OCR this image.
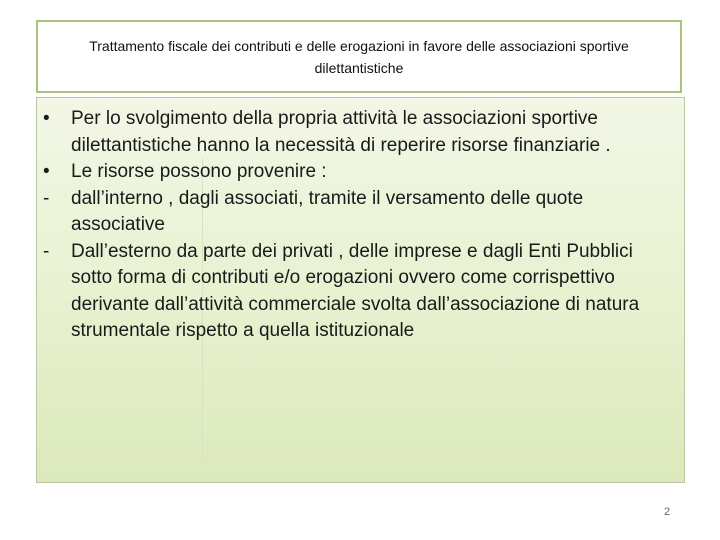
Trattamento fiscale dei contributi e delle erogazioni in favore delle associazioni sportive dilettantistiche
•	Per lo svolgimento della propria attività le associazioni sportive dilettantistiche hanno la necessità di reperire risorse finanziarie .
•	Le risorse possono provenire :
-	dall’interno , dagli associati, tramite il versamento delle quote associative
-	Dall’esterno da parte dei privati , delle imprese e dagli Enti Pubblici sotto forma di contributi e/o erogazioni ovvero come corrispettivo derivante dall’attività commerciale svolta dall’associazione di natura strumentale rispetto a quella istituzionale
2
